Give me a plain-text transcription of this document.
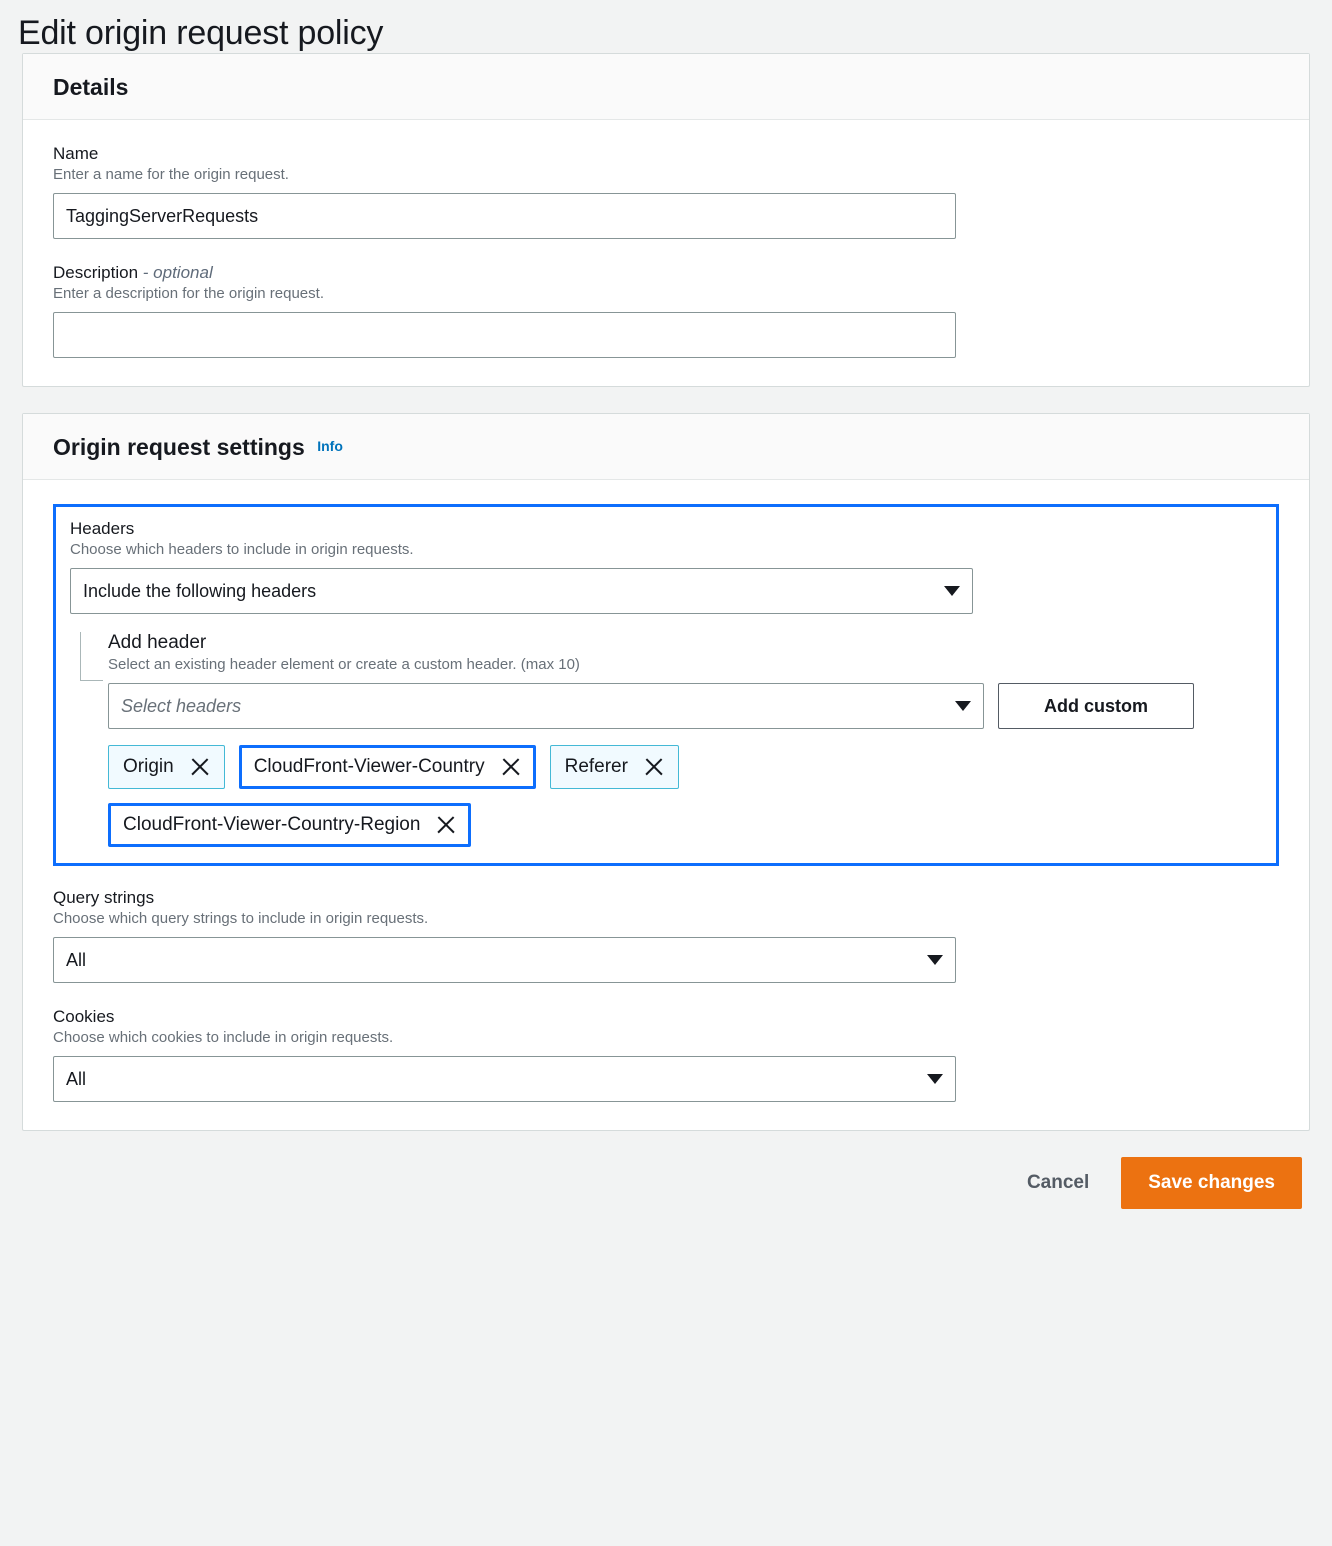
Edit origin request policy
Details
Name
Enter a name for the origin request.
TaggingServerRequests
Description - optional
Enter a description for the origin request.
Origin request settings Info
Headers
Choose which headers to include in origin requests.
Include the following headers
Add header
Select an existing header element or create a custom header. (max 10)
Select headers	Add custom
Origin	CloudFront-Viewer-Country	Referer
CloudFront-Viewer-Country-Region
Query strings
Choose which query strings to include in origin requests.
All
Cookies
Choose which cookies to include in origin requests.
All
Cancel	Save changes
